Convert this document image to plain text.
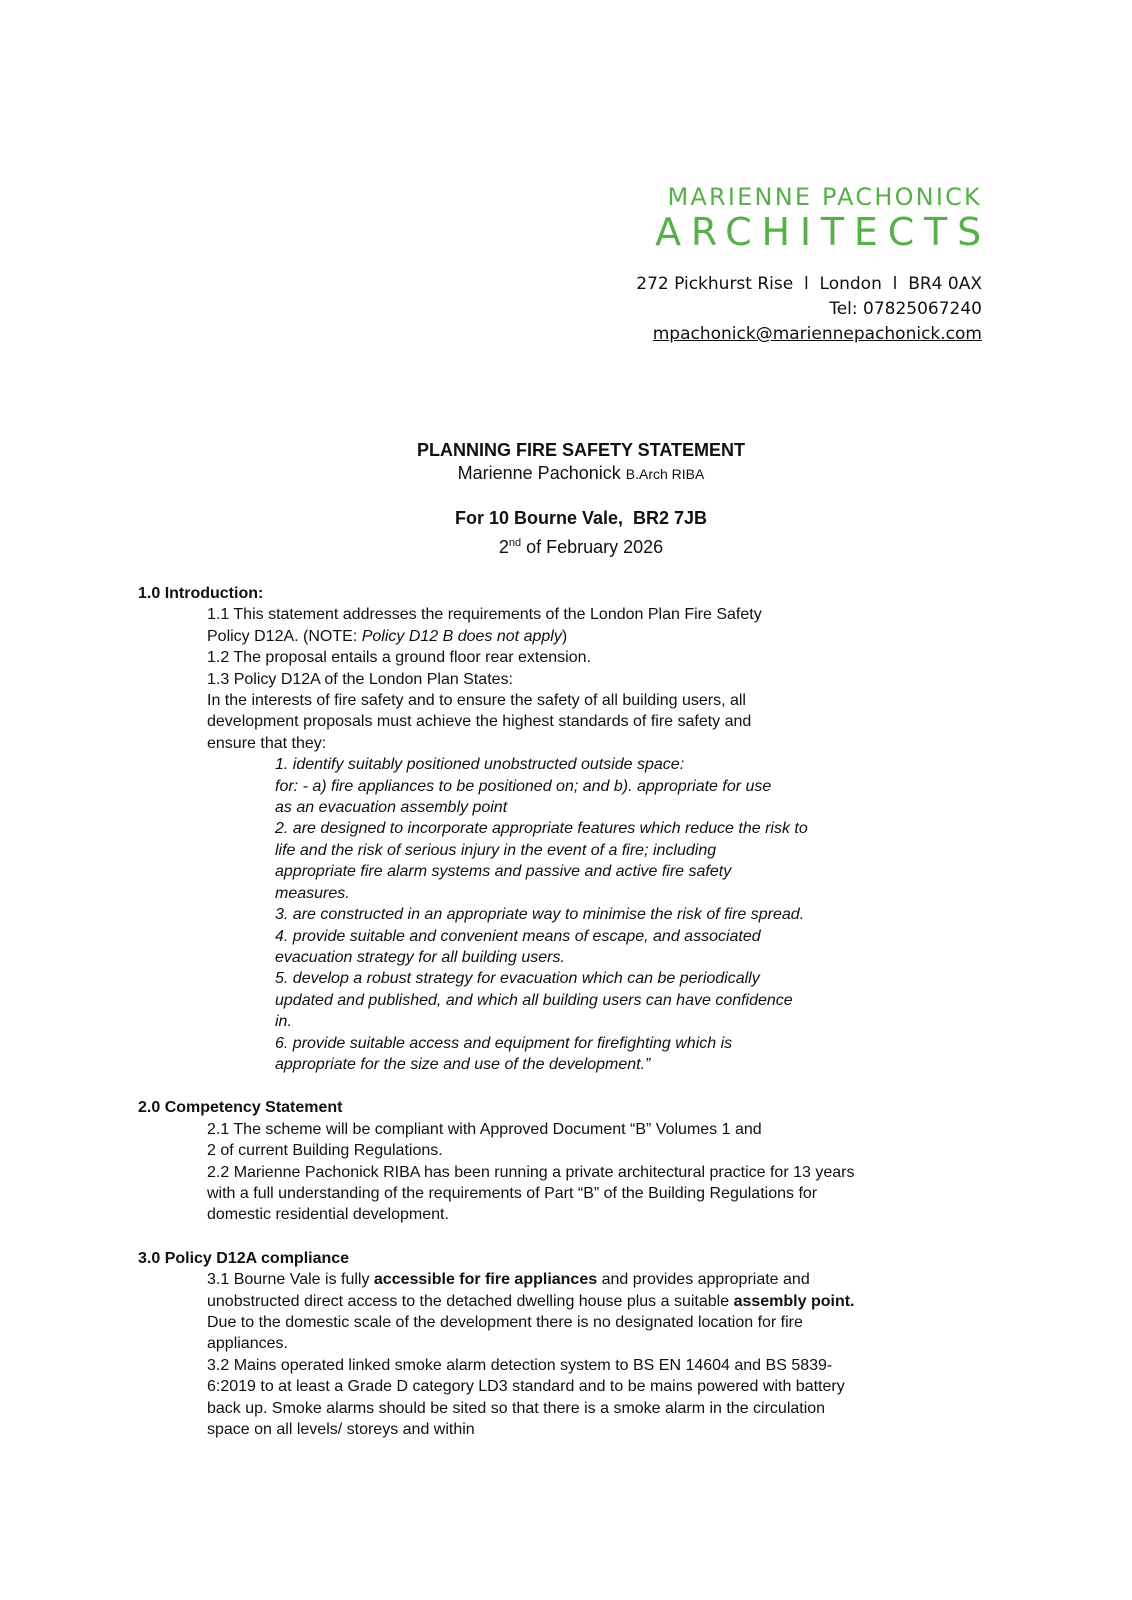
MARIENNE PACHONICK
ARCHITECTS
272 Pickhurst Rise  l  London  l  BR4 0AX
Tel: 07825067240
mpachonick@mariennepachonick.com
PLANNING FIRE SAFETY STATEMENT
Marienne Pachonick B.Arch RIBA
For 10 Bourne Vale,  BR2 7JB
2nd of February 2026

1.0 Introduction:

1.1 This statement addresses the requirements of the London Plan Fire Safety

Policy D12A. (NOTE: Policy D12 B does not apply)

1.2 The proposal entails a ground floor rear extension.

1.3 Policy D12A of the London Plan States:

In the interests of fire safety and to ensure the safety of all building users, all

development proposals must achieve the highest standards of fire safety and

ensure that they:

1. identify suitably positioned unobstructed outside space:

for: - a) fire appliances to be positioned on; and b). appropriate for use

as an evacuation assembly point

2. are designed to incorporate appropriate features which reduce the risk to

life and the risk of serious injury in the event of a fire; including

appropriate fire alarm systems and passive and active fire safety

measures.

3. are constructed in an appropriate way to minimise the risk of fire spread.

4. provide suitable and convenient means of escape, and associated

evacuation strategy for all building users.

5. develop a robust strategy for evacuation which can be periodically

updated and published, and which all building users can have confidence

in.

6. provide suitable access and equipment for firefighting which is

appropriate for the size and use of the development.”

2.0 Competency Statement

2.1 The scheme will be compliant with Approved Document “B” Volumes 1 and

2 of current Building Regulations.

2.2 Marienne Pachonick RIBA has been running a private architectural practice for 13 years

with a full understanding of the requirements of Part “B” of the Building Regulations for

domestic residential development.

3.0 Policy D12A compliance

3.1 Bourne Vale is fully accessible for fire appliances and provides appropriate and

unobstructed direct access to the detached dwelling house plus a suitable assembly point.

Due to the domestic scale of the development there is no designated location for fire

appliances.

3.2 Mains operated linked smoke alarm detection system to BS EN 14604 and BS 5839-

6:2019 to at least a Grade D category LD3 standard and to be mains powered with battery

back up. Smoke alarms should be sited so that there is a smoke alarm in the circulation

space on all levels/ storeys and within
